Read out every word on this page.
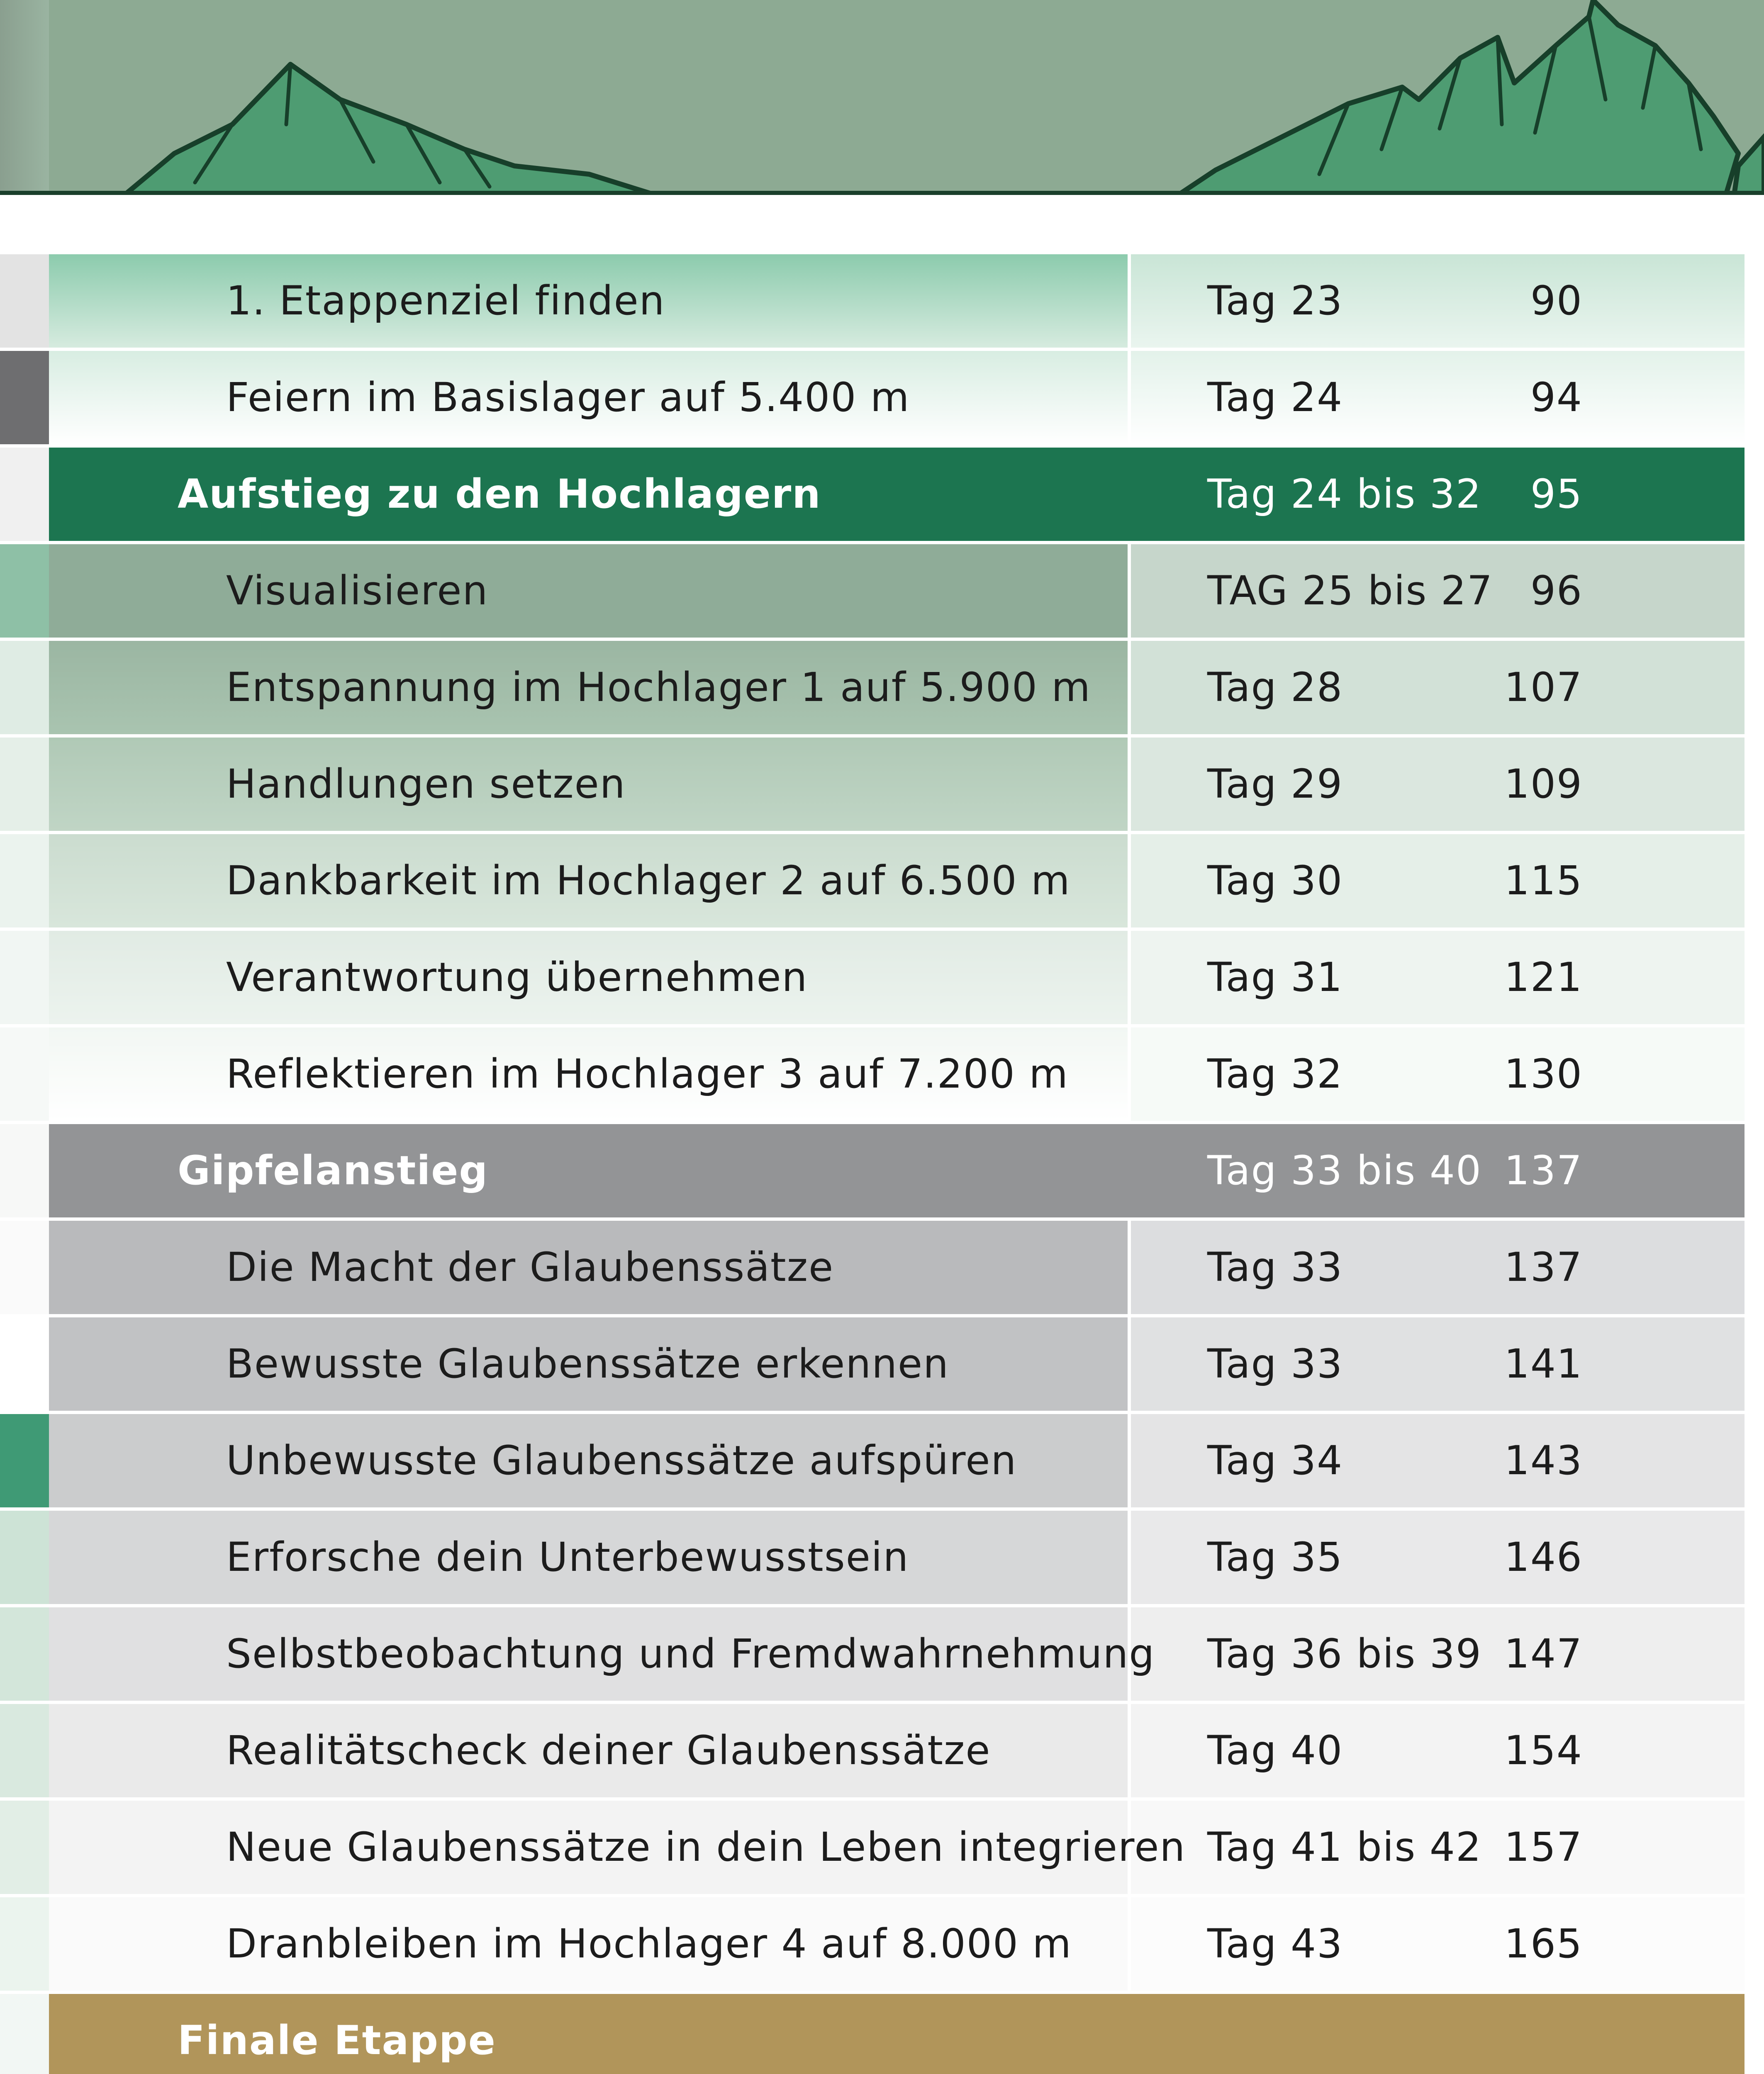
1. Etappenziel finden	Tag 23	90
Feiern im Basislager auf 5.400 m	Tag 24	94
Aufstieg zu den Hochlagern	Tag 24 bis 32 95
Visualisieren	TAG 25 bis 27 96
Entspannung im Hochlager 1 auf 5.900 m	Tag 28	107
Handlungen setzen	Tag 29	109
Dankbarkeit im Hochlager 2 auf 6.500 m	Tag 30	115
Verantwortung übernehmen	Tag 31	121
Reflektieren im Hochlager 3 auf 7.200 m	Tag 32	130
Gipfelanstieg	Tag 33 bis 40 137
Die Macht der Glaubenssätze	Tag 33	137
Bewusste Glaubenssätze erkennen	Tag 33	141
Unbewusste Glaubenssätze aufspüren	Tag 34	143
Erforsche dein Unterbewusstsein	Tag 35	146
Selbstbeobachtung und Fremdwahrnehmung Tag 36 bis 39 147
Realitätscheck deiner Glaubenssätze	Tag 40	154
Neue Glaubenssätze in dein Leben integrieren Tag 41 bis 42 157
Dranbleiben im Hochlager 4 auf 8.000 m	Tag 43	165
Finale Etappe
